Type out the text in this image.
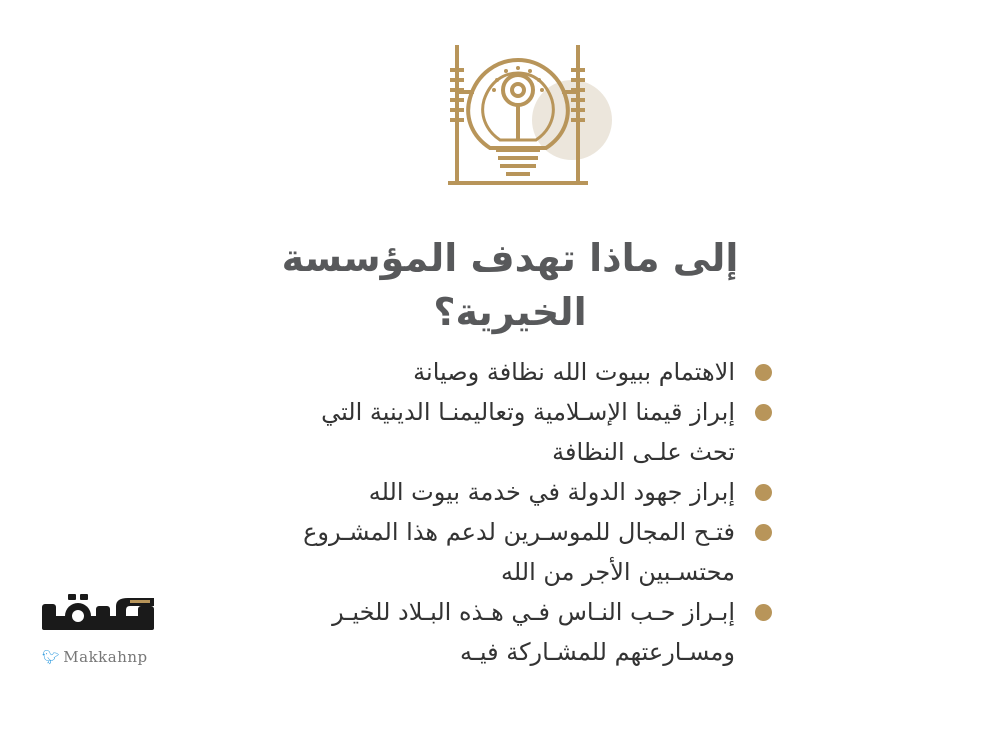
إلى ماذا تهدف المؤسسة
الخيرية؟
الاهتمام ببيوت الله نظافة وصيانة
إبراز قيمنا الإسـلامية وتعاليمنـا الدينية التي
تحث علـى النظافة
إبراز جهود الدولة في خدمة بيوت الله
فتـح المجال للموسـرين لدعم هذا المشـروع
محتسـبين الأجر من الله
إبـراز حـب النـاس فـي هـذه البـلاد للخيـر
ومسـارعتهم للمشـاركة فيـه
🐦︎ Makkahnp
